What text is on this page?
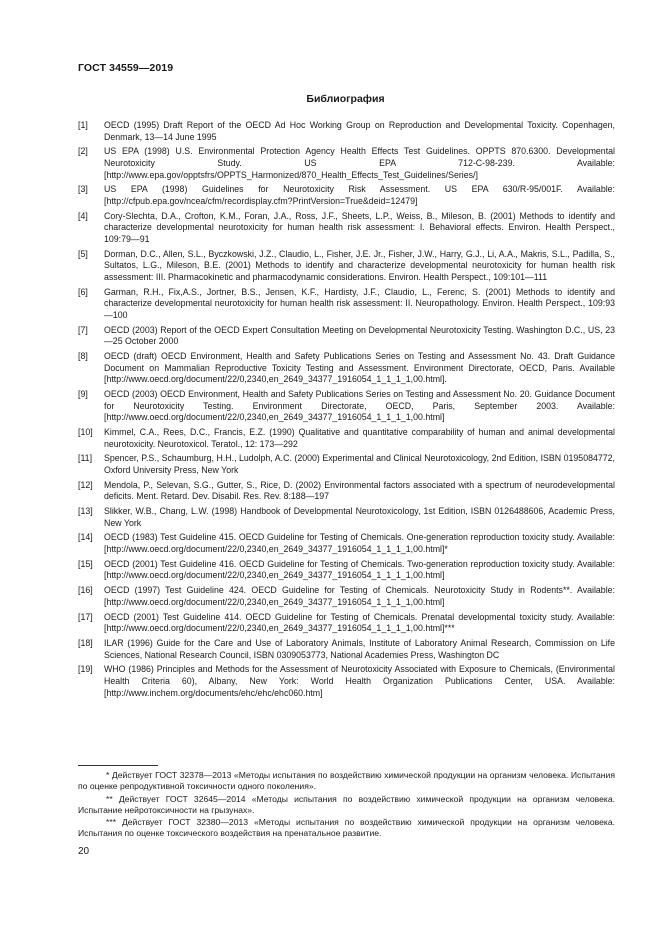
ГОСТ 34559—2019
Библиография
[1]	OECD (1995) Draft Report of the OECD Ad Hoc Working Group on Reproduction and Developmental Toxicity. Copenhagen, Denmark, 13—14 June 1995
[2]	US EPA (1998) U.S. Environmental Protection Agency Health Effects Test Guidelines. OPPTS 870.6300. Developmental Neurotoxicity Study. US EPA 712-C-98-239. Available: [http://www.epa.gov/opptsfrs/OPPTS_Harmonized/870_Health_Effects_Test_Guidelines/Series/]
[3]	US EPA (1998) Guidelines for Neurotoxicity Risk Assessment. US EPA 630/R-95/001F. Available: [http://cfpub.epa.gov/ncea/cfm/recordisplay.cfm?PrintVersion=True&deid=12479]
[4]	Cory-Slechta, D.A., Crofton, K.M., Foran, J.A., Ross, J.F., Sheets, L.P., Weiss, B., Mileson, B. (2001) Methods to identify and characterize developmental neurotoxicity for human health risk assessment: I. Behavioral effects. Environ. Health Perspect., 109:79—91
[5]	Dorman, D.C., Allen, S.L., Byczkowski, J.Z., Claudio, L., Fisher, J.E. Jr., Fisher, J.W., Harry, G.J., Li, A.A., Makris, S.L., Padilla, S., Sultatos, L.G., Mileson, B.E. (2001) Methods to identify and characterize developmental neurotoxicity for human health risk assessment: III. Pharmacokinetic and pharmacodynamic considerations. Environ. Health Perspect., 109:101—111
[6]	Garman, R.H., Fix,A.S., Jortner, B.S., Jensen, K.F., Hardisty, J.F., Claudio, L., Ferenc, S. (2001) Methods to identify and characterize developmental neurotoxicity for human health risk assessment: II. Neuropathology. Environ. Health Perspect., 109:93—100
[7]	OECD (2003) Report of the OECD Expert Consultation Meeting on Developmental Neurotoxicity Testing. Washington D.C., US, 23—25 October 2000
[8]	OECD (draft) OECD Environment, Health and Safety Publications Series on Testing and Assessment No. 43. Draft Guidance Document on Mammalian Reproductive Toxicity Testing and Assessment. Environment Directorate, OECD, Paris. Available [http://www.oecd.org/document/22/0,2340,en_2649_34377_1916054_1_1_1_1,00.html].
[9]	OECD (2003) OECD Environment, Health and Safety Publications Series on Testing and Assessment No. 20. Guidance Document for Neurotoxicity Testing. Environment Directorate, OECD, Paris, September 2003. Available: [http://www.oecd.org/document/22/0,2340,en_2649_34377_1916054_1_1_1_1,00.html]
[10]	Kimmel, C.A., Rees, D.C., Francis, E.Z. (1990) Qualitative and quantitative comparability of human and animal developmental neurotoxicity. Neurotoxicol. Teratol., 12: 173—292
[11]	Spencer, P.S., Schaumburg, H.H., Ludolph, A.C. (2000) Experimental and Clinical Neurotoxicology, 2nd Edition, ISBN 0195084772, Oxford University Press, New York
[12]	Mendola, P., Selevan, S.G., Gutter, S., Rice, D. (2002) Environmental factors associated with a spectrum of neurodevelopmental deficits. Ment. Retard. Dev. Disabil. Res. Rev. 8:188—197
[13]	Slikker, W.B., Chang, L.W. (1998) Handbook of Developmental Neurotoxicology, 1st Edition, ISBN 0126488606, Academic Press, New York
[14]	OECD (1983) Test Guideline 415. OECD Guideline for Testing of Chemicals. One-generation reproduction toxicity study. Available: [http://www.oecd.org/document/22/0,2340,en_2649_34377_1916054_1_1_1_1,00.html]*
[15]	OECD (2001) Test Guideline 416. OECD Guideline for Testing of Chemicals. Two-generation reproduction toxicity study. Available: [http://www.oecd.org/document/22/0,2340,en_2649_34377_1916054_1_1_1_1,00.html]
[16]	OECD (1997) Test Guideline 424. OECD Guideline for Testing of Chemicals. Neurotoxicity Study in Rodents**. Available: [http://www.oecd.org/document/22/0,2340,en_2649_34377_1916054_1_1_1_1,00.html]
[17]	OECD (2001) Test Guideline 414. OECD Guideline for Testing of Chemicals. Prenatal developmental toxicity study. Available: [http://www.oecd.org/document/22/0,2340,en_2649_34377_1916054_1_1_1_1,00.html]***
[18]	ILAR (1996) Guide for the Care and Use of Laboratory Animals, Institute of Laboratory Animal Research, Commission on Life Sciences, National Research Council, ISBN 0309053773, National Academies Press, Washington DC
[19]	WHO (1986) Principles and Methods for the Assessment of Neurotoxicity Associated with Exposure to Chemicals, (Environmental Health Criteria 60), Albany, New York: World Health Organization Publications Center, USA. Available: [http://www.inchem.org/documents/ehc/ehc/ehc060.htm]
* Действует ГОСТ 32378—2013 «Методы испытания по воздействию химической продукции на организм человека. Испытания по оценке репродуктивной токсичности одного поколения».
** Действует ГОСТ 32645—2014 «Методы испытания по воздействию химической продукции на организм человека. Испытание нейротоксичности на грызунах».
*** Действует ГОСТ 32380—2013 «Методы испытания по воздействию химической продукции на организм человека. Испытания по оценке токсического воздействия на пренатальное развитие.
20
